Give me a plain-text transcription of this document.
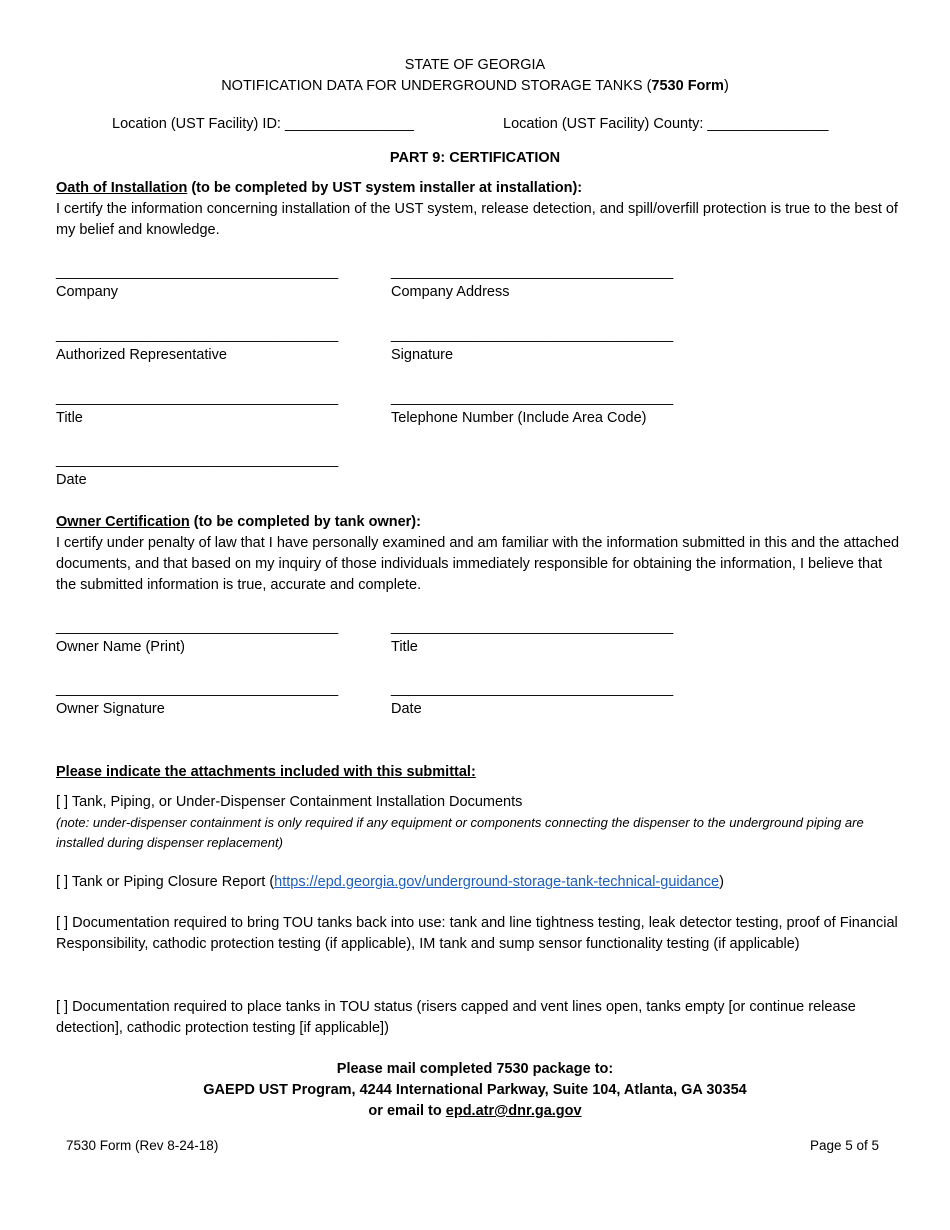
STATE OF GEORGIA
NOTIFICATION DATA FOR UNDERGROUND STORAGE TANKS (7530 Form)
Location (UST Facility) ID: ________________	Location (UST Facility) County: _______________
PART 9: CERTIFICATION
Oath of Installation (to be completed by UST system installer at installation):
I certify the information concerning installation of the UST system, release detection, and spill/overfill protection is true to the best of my belief and knowledge.
___________________________________	___________________________________
Company	Company Address
___________________________________	___________________________________
Authorized Representative	Signature
___________________________________	___________________________________
Title	Telephone Number (Include Area Code)
___________________________________
Date
Owner Certification (to be completed by tank owner):
I certify under penalty of law that I have personally examined and am familiar with the information submitted in this and the attached documents, and that based on my inquiry of those individuals immediately responsible for obtaining the information, I believe that the submitted information is true, accurate and complete.
___________________________________	___________________________________
Owner Name (Print)	Title
___________________________________	___________________________________
Owner Signature	Date
Please indicate the attachments included with this submittal:
[ ] Tank, Piping, or Under-Dispenser Containment Installation Documents
(note: under-dispenser containment is only required if any equipment or components connecting the dispenser to the underground piping are installed during dispenser replacement)
[ ] Tank or Piping Closure Report (https://epd.georgia.gov/underground-storage-tank-technical-guidance)
[ ] Documentation required to bring TOU tanks back into use: tank and line tightness testing, leak detector testing, proof of Financial Responsibility, cathodic protection testing (if applicable), IM tank and sump sensor functionality testing (if applicable)
[ ] Documentation required to place tanks in TOU status (risers capped and vent lines open, tanks empty [or continue release detection], cathodic protection testing [if applicable])
Please mail completed 7530 package to:
GAEPD UST Program, 4244 International Parkway, Suite 104, Atlanta, GA 30354
or email to epd.atr@dnr.ga.gov
7530 Form (Rev 8-24-18)	Page 5 of 5
